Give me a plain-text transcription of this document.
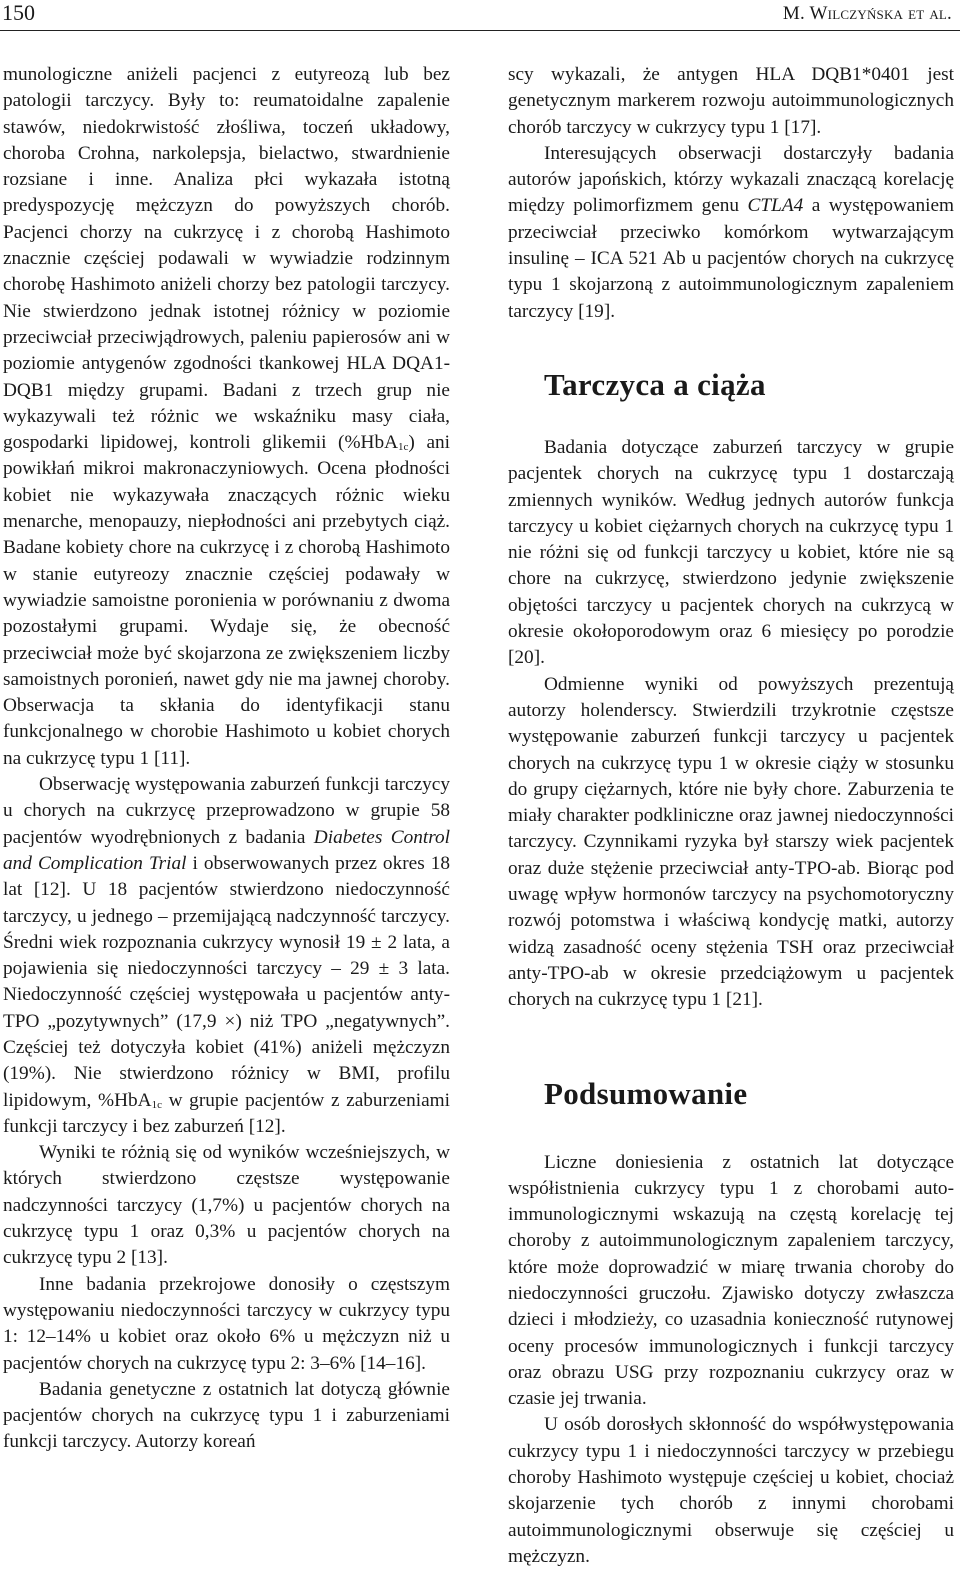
150	M. Wilczyńska et al.

munologiczne aniżeli pacjenci z eutyreozą lub bez patologii tarczycy. Były to: reumatoidalne zapalenie stawów, niedokrwistość złośliwa, toczeń układowy, choroba Crohna, narkolepsja, bielactwo, stwardnienie rozsiane i inne. Analiza płci wykazała istotną predyspozycję mężczyzn do powyższych chorób. Pacjenci chorzy na cukrzycę i z chorobą Hashimoto znacznie częściej podawali w wywiadzie rodzinnym chorobę Hashimoto aniżeli chorzy bez patologii tarczycy. Nie stwierdzono jednak istotnej różnicy w poziomie przeciwciał przeciwjądrowych, paleniu papierosów ani w poziomie antygenów zgodności tkankowej HLA DQA1-DQB1 między grupami. Badani z trzech grup nie wykazywali też różnic we wskaźniku masy ciała, gospodarki lipidowej, kontroli glikemii (%HbA$_{1c}$) ani powikłań mikroi makronaczyniowych. Ocena płodności kobiet nie wykazywała znaczących różnic wieku menarche, menopauzy, niepłodności ani przebytych ciąż. Badane kobiety chore na cukrzycę i z chorobą Hashimoto w stanie eutyreozy znacznie częściej podawały w wywiadzie samoistne poronienia w porównaniu z dwoma pozostałymi grupami. Wydaje się, że obecność przeciwciał może być skojarzona ze zwiększeniem liczby samoistnych poronień, nawet gdy nie ma jawnej choroby. Obserwacja ta skłania do identyfikacji stanu funkcjonalnego w chorobie Hashimoto u kobiet chorych na cukrzycę typu 1 [11].

Obserwację występowania zaburzeń funkcji tarczycy u chorych na cukrzycę przeprowadzono w grupie 58 pacjentów wyodrębnionych z badania Diabetes Control and Complication Trial i obserwowanych przez okres 18 lat [12]. U 18 pacjentów stwierdzono niedoczynność tarczycy, u jednego – przemijającą nadczynność tarczycy. Średni wiek rozpoznania cukrzycy wynosił 19 ± 2 lata, a pojawienia się niedoczynności tarczycy – 29 ± 3 lata. Niedoczynność częściej występowała u pacjentów anty-TPO „pozytywnych” (17,9 ×) niż TPO „negatywnych”. Częściej też dotyczyła kobiet (41%) aniżeli mężczyzn (19%). Nie stwierdzono różnicy w BMI, profilu lipidowym, %HbA$_{1c}$ w grupie pacjentów z zaburzeniami funkcji tarczycy i bez zaburzeń [12].

Wyniki te różnią się od wyników wcześniejszych, w których stwierdzono częstsze występowanie nadczynności tarczycy (1,7%) u pacjentów chorych na cukrzycę typu 1 oraz 0,3% u pacjentów chorych na cukrzycę typu 2 [13].

Inne badania przekrojowe donosiły o częstszym występowaniu niedoczynności tarczycy w cukrzycy typu 1: 12–14% u kobiet oraz około 6% u mężczyzn niż u pacjentów chorych na cukrzycę typu 2: 3–6% [14–16].

Badania genetyczne z ostatnich lat dotyczą głównie pacjentów chorych na cukrzycę typu 1 i zaburzeniami funkcji tarczycy. Autorzy koreań

scy wykazali, że antygen HLA DQB1*0401 jest genetycznym markerem rozwoju autoimmunologicznych chorób tarczycy w cukrzycy typu 1 [17].

Interesujących obserwacji dostarczyły badania autorów japońskich, którzy wykazali znaczącą korelację między polimorfizmem genu CTLA4 a występowaniem przeciwciał przeciwko komórkom wytwarzającym insulinę – ICA 521 Ab u pacjentów chorych na cukrzycę typu 1 skojarzoną z autoimmunologicznym zapaleniem tarczycy [19].

Tarczyca a ciąża

Badania dotyczące zaburzeń tarczycy w grupie pacjentek chorych na cukrzycę typu 1 dostarczają zmiennych wyników. Według jednych autorów funkcja tarczycy u kobiet ciężarnych chorych na cukrzycę typu 1 nie różni się od funkcji tarczycy u kobiet, które nie są chore na cukrzycę, stwierdzono jedynie zwiększenie objętości tarczycy u pacjentek chorych na cukrzycą w okresie okołoporodowym oraz 6 miesięcy po porodzie [20].

Odmienne wyniki od powyższych prezentują autorzy holenderscy. Stwierdzili trzykrotnie częstsze występowanie zaburzeń funkcji tarczycy u pacjentek chorych na cukrzycę typu 1 w okresie ciąży w stosunku do grupy ciężarnych, które nie były chore. Zaburzenia te miały charakter podkliniczne oraz jawnej niedoczynności tarczycy. Czynnikami ryzyka był starszy wiek pacjentek oraz duże stężenie przeciwciał anty-TPO-ab. Biorąc pod uwagę wpływ hormonów tarczycy na psychomotoryczny rozwój potomstwa i właściwą kondycję matki, autorzy widzą zasadność oceny stężenia TSH oraz przeciwciał anty-TPO-ab w okresie przedciążowym u pacjentek chorych na cukrzycę typu 1 [21].

Podsumowanie

Liczne doniesienia z ostatnich lat dotyczące współistnienia cukrzycy typu 1 z chorobami autoimmunologicznymi wskazują na częstą korelację tej choroby z autoimmunologicznym zapaleniem tarczycy, które może doprowadzić w miarę trwania choroby do niedoczynności gruczołu. Zjawisko dotyczy zwłaszcza dzieci i młodzieży, co uzasadnia konieczność rutynowej oceny procesów immunologicznych i funkcji tarczycy oraz obrazu USG przy rozpoznaniu cukrzycy oraz w czasie jej trwania.

U osób dorosłych skłonność do współwystępowania cukrzycy typu 1 i niedoczynności tarczycy w przebiegu choroby Hashimoto występuje częściej u kobiet, chociaż skojarzenie tych chorób z innymi chorobami autoimmunologicznymi obserwuje się częściej u mężczyzn.
